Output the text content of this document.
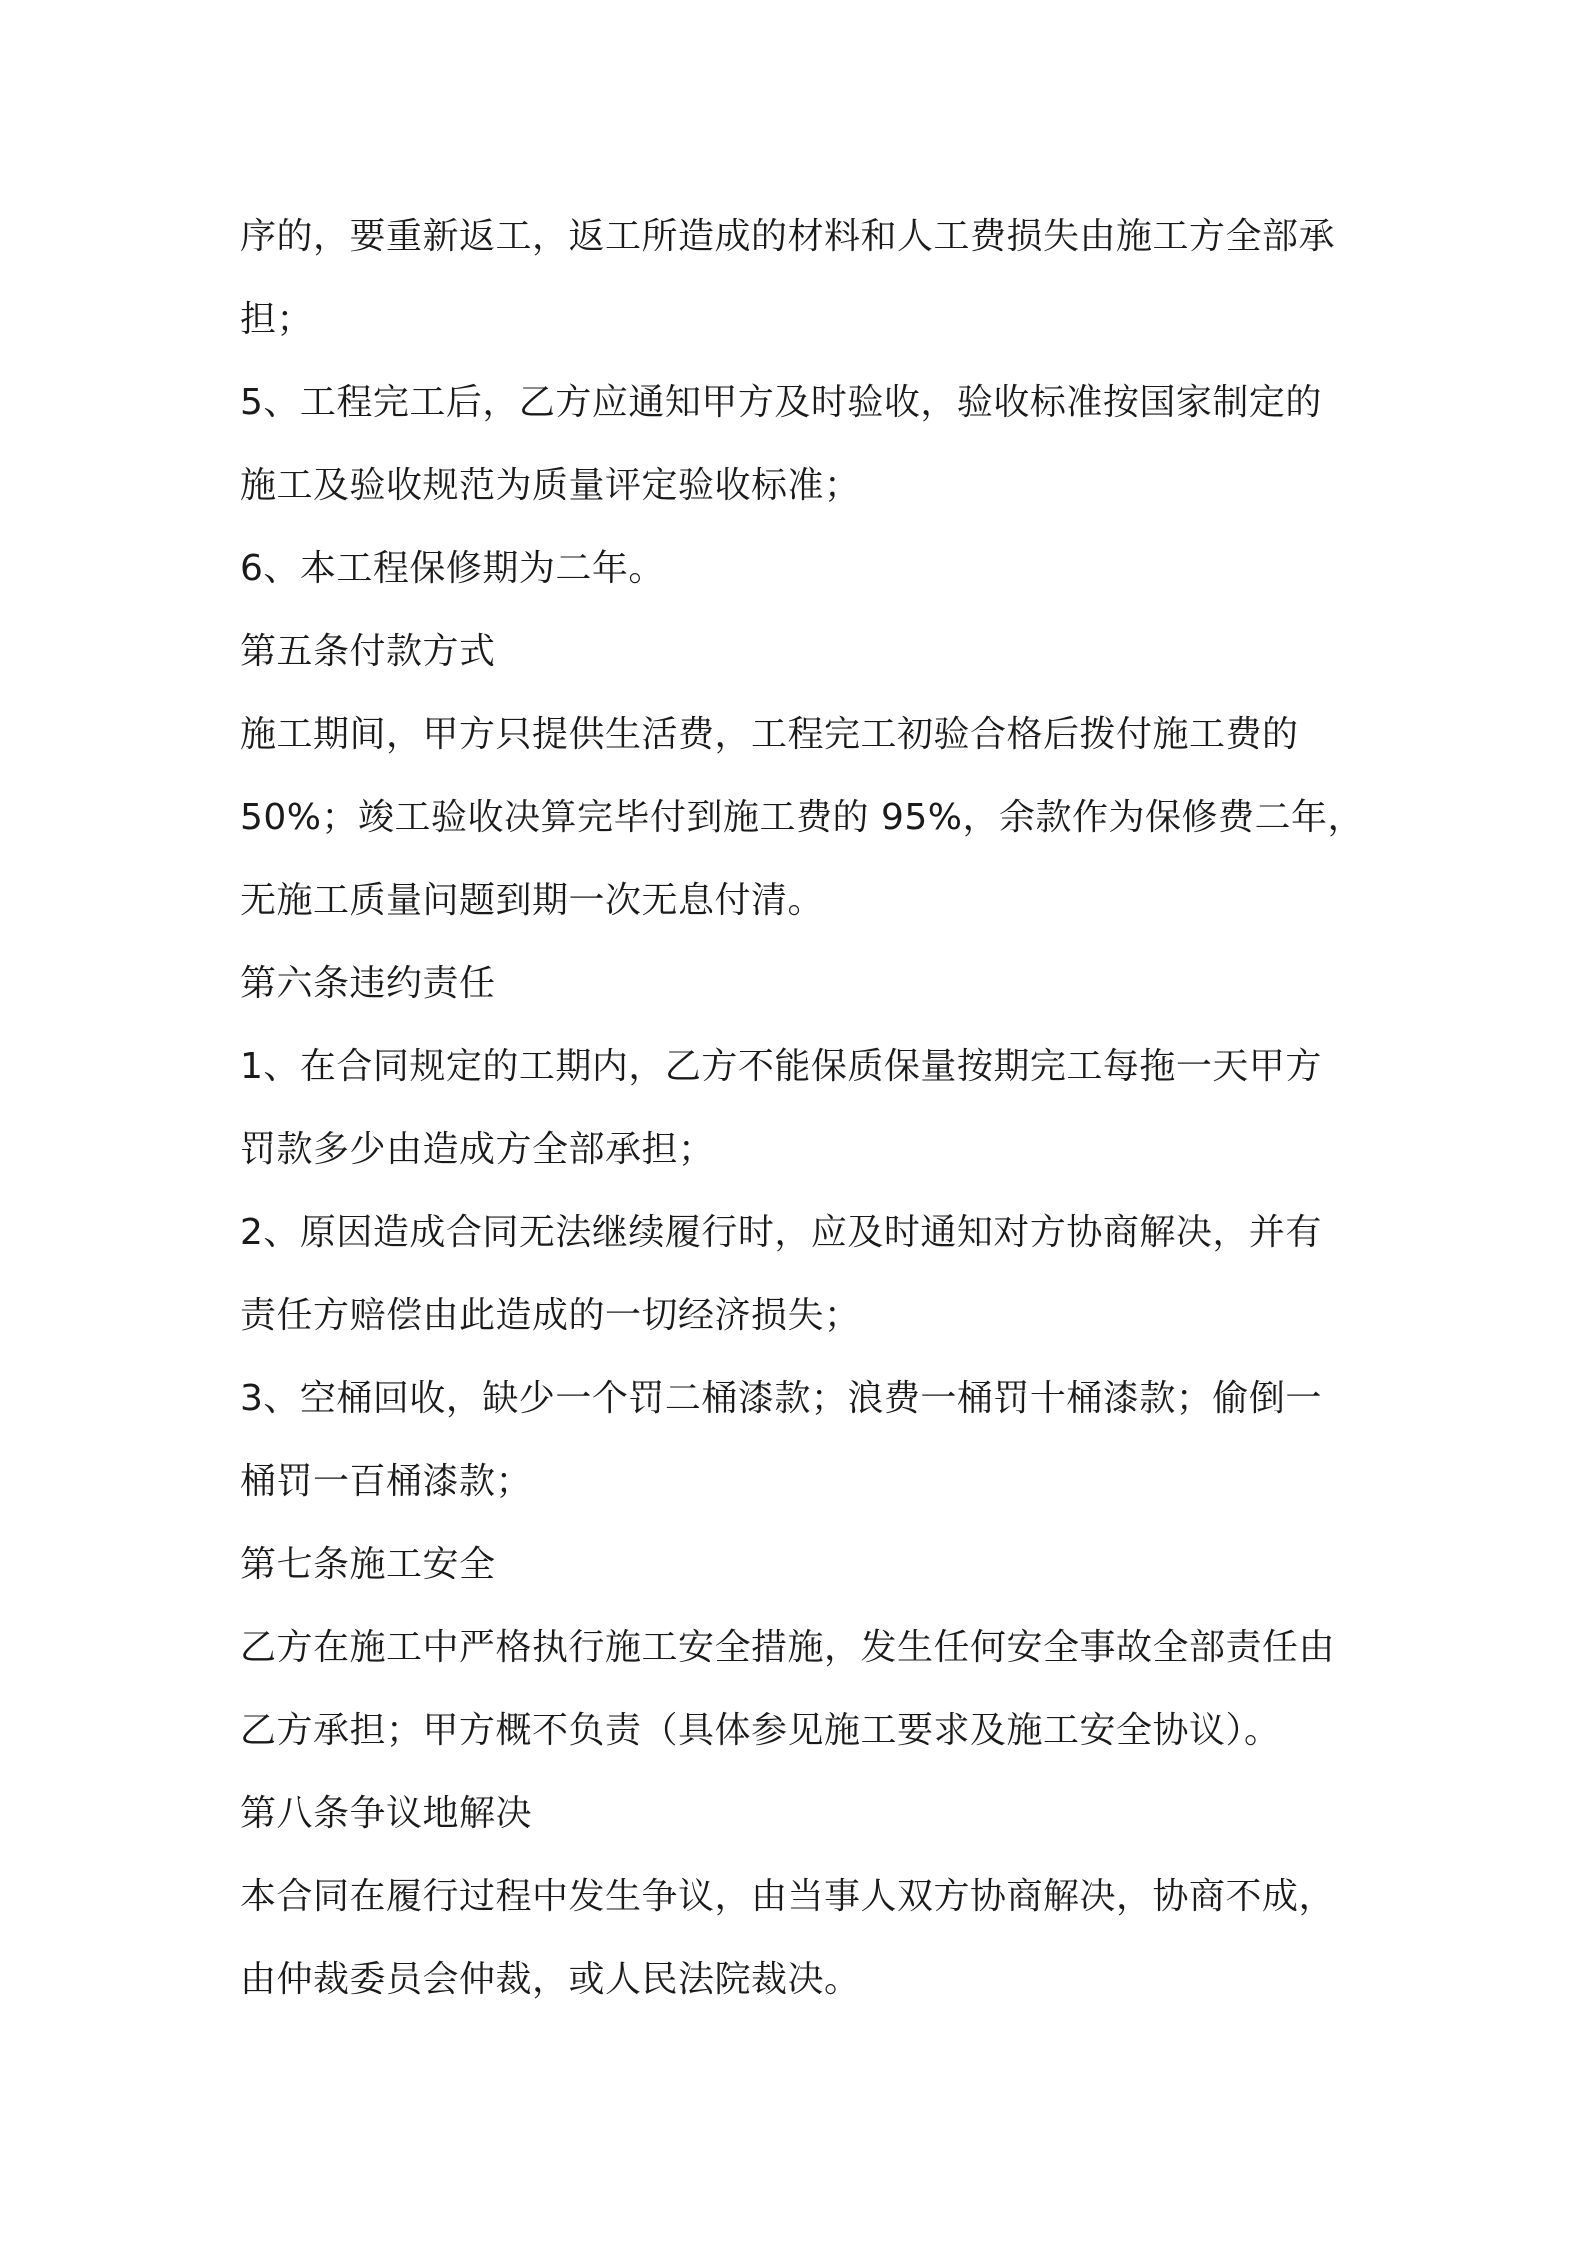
序的，要重新返工，返工所造成的材料和人工费损失由施工方全部承
担；
5、工程完工后，乙方应通知甲方及时验收，验收标准按国家制定的
施工及验收规范为质量评定验收标准；
6、本工程保修期为二年。
第五条付款方式
施工期间，甲方只提供生活费，工程完工初验合格后拨付施工费的
50%；竣工验收决算完毕付到施工费的 95%，余款作为保修费二年，
无施工质量问题到期一次无息付清。
第六条违约责任
1、在合同规定的工期内，乙方不能保质保量按期完工每拖一天甲方
罚款多少由造成方全部承担；
2、原因造成合同无法继续履行时，应及时通知对方协商解决，并有
责任方赔偿由此造成的一切经济损失；
3、空桶回收，缺少一个罚二桶漆款；浪费一桶罚十桶漆款；偷倒一
桶罚一百桶漆款；
第七条施工安全
乙方在施工中严格执行施工安全措施，发生任何安全事故全部责任由
乙方承担；甲方概不负责（具体参见施工要求及施工安全协议）。
第八条争议地解决
本合同在履行过程中发生争议，由当事人双方协商解决，协商不成，
由仲裁委员会仲裁，或人民法院裁决。
